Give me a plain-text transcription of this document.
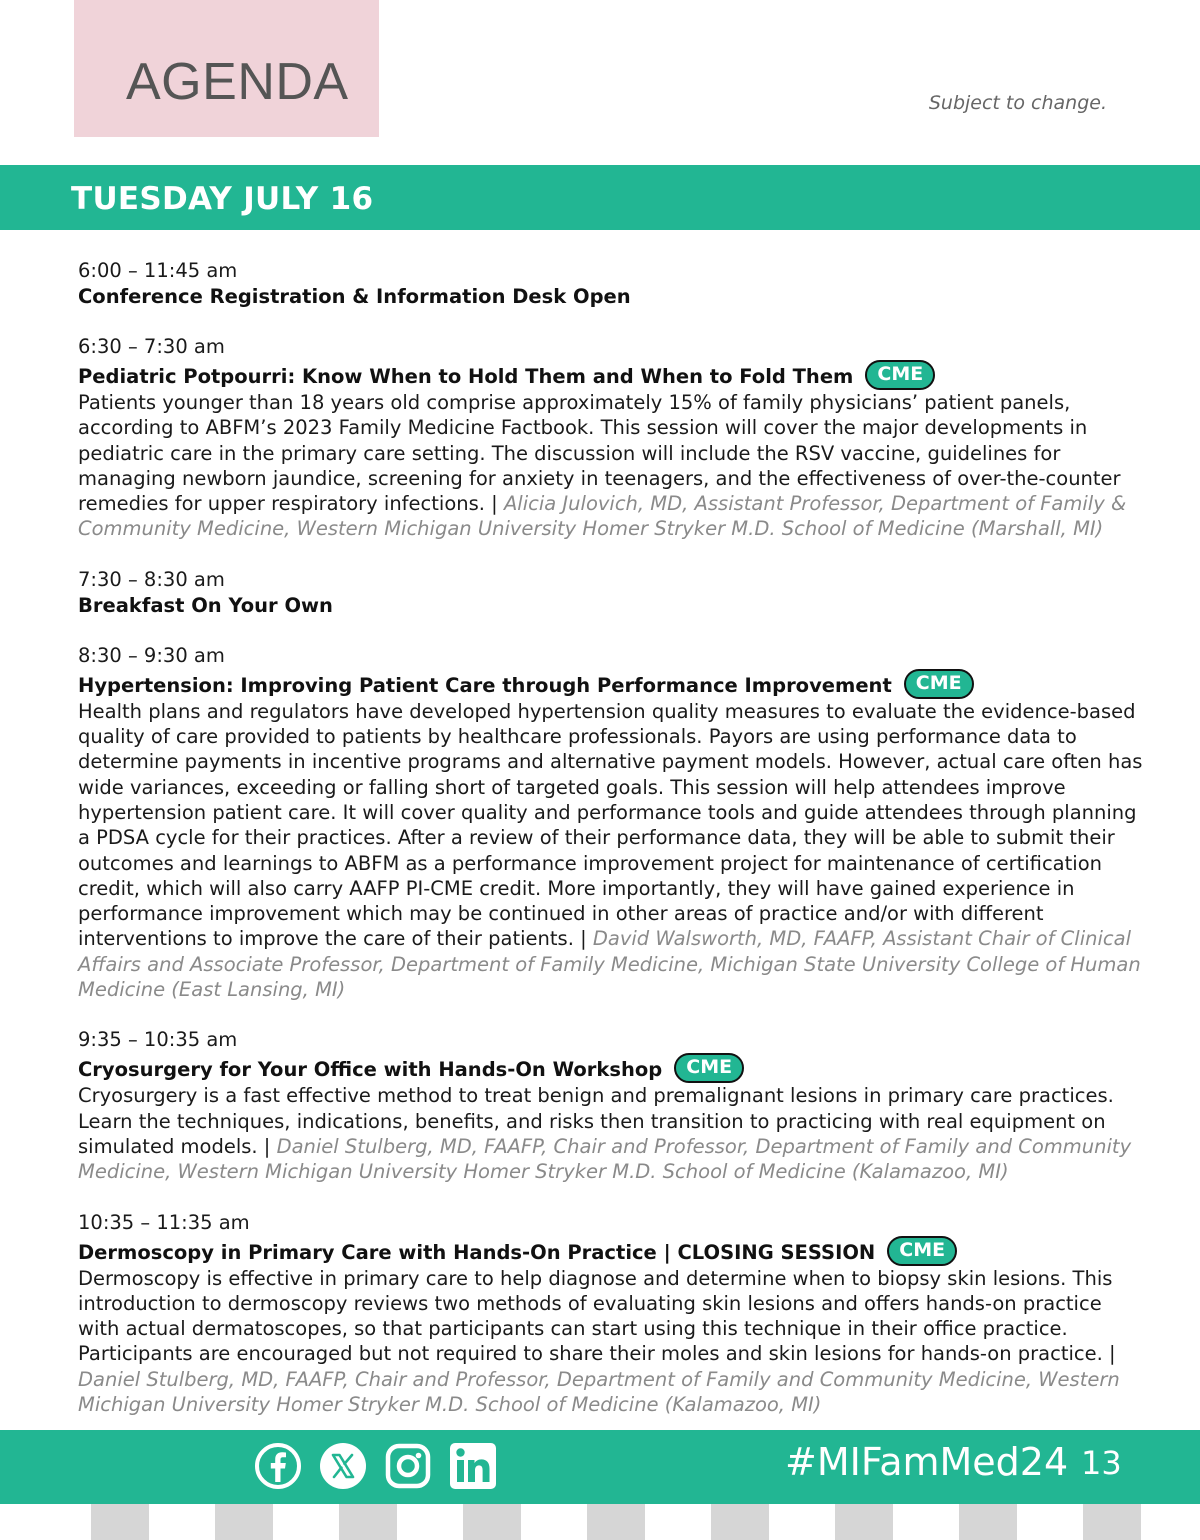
AGENDA	Subject to change.
TUESDAY JULY 16
6:00 – 11:45 am
Conference Registration & Information Desk Open
6:30 – 7:30 am
Pediatric Potpourri: Know When to Hold Them and When to Fold Them CME
Patients younger than 18 years old comprise approximately 15% of family physicians’ patient panels, according to ABFM’s 2023 Family Medicine Factbook. This session will cover the major developments in pediatric care in the primary care setting. The discussion will include the RSV vaccine, guidelines for managing newborn jaundice, screening for anxiety in teenagers, and the effectiveness of over-the-counter remedies for upper respiratory infections. | Alicia Julovich, MD, Assistant Professor, Department of Family & Community Medicine, Western Michigan University Homer Stryker M.D. School of Medicine (Marshall, MI)
7:30 – 8:30 am
Breakfast On Your Own
8:30 – 9:30 am
Hypertension: Improving Patient Care through Performance Improvement CME
Health plans and regulators have developed hypertension quality measures to evaluate the evidence-based quality of care provided to patients by healthcare professionals. Payors are using performance data to determine payments in incentive programs and alternative payment models. However, actual care often has wide variances, exceeding or falling short of targeted goals. This session will help attendees improve hypertension patient care. It will cover quality and performance tools and guide attendees through planning a PDSA cycle for their practices. After a review of their performance data, they will be able to submit their outcomes and learnings to ABFM as a performance improvement project for maintenance of certification credit, which will also carry AAFP PI-CME credit. More importantly, they will have gained experience in performance improvement which may be continued in other areas of practice and/or with different interventions to improve the care of their patients. | David Walsworth, MD, FAAFP, Assistant Chair of Clinical Affairs and Associate Professor, Department of Family Medicine, Michigan State University College of Human Medicine (East Lansing, MI)
9:35 – 10:35 am
Cryosurgery for Your Office with Hands-On Workshop CME
Cryosurgery is a fast effective method to treat benign and premalignant lesions in primary care practices. Learn the techniques, indications, benefits, and risks then transition to practicing with real equipment on simulated models. | Daniel Stulberg, MD, FAAFP, Chair and Professor, Department of Family and Community Medicine, Western Michigan University Homer Stryker M.D. School of Medicine (Kalamazoo, MI)
10:35 – 11:35 am
Dermoscopy in Primary Care with Hands-On Practice | CLOSING SESSION CME
Dermoscopy is effective in primary care to help diagnose and determine when to biopsy skin lesions. This introduction to dermoscopy reviews two methods of evaluating skin lesions and offers hands-on practice with actual dermatoscopes, so that participants can start using this technique in their office practice. Participants are encouraged but not required to share their moles and skin lesions for hands-on practice. | Daniel Stulberg, MD, FAAFP, Chair and Professor, Department of Family and Community Medicine, Western Michigan University Homer Stryker M.D. School of Medicine (Kalamazoo, MI)
#MIFamMed24 13
